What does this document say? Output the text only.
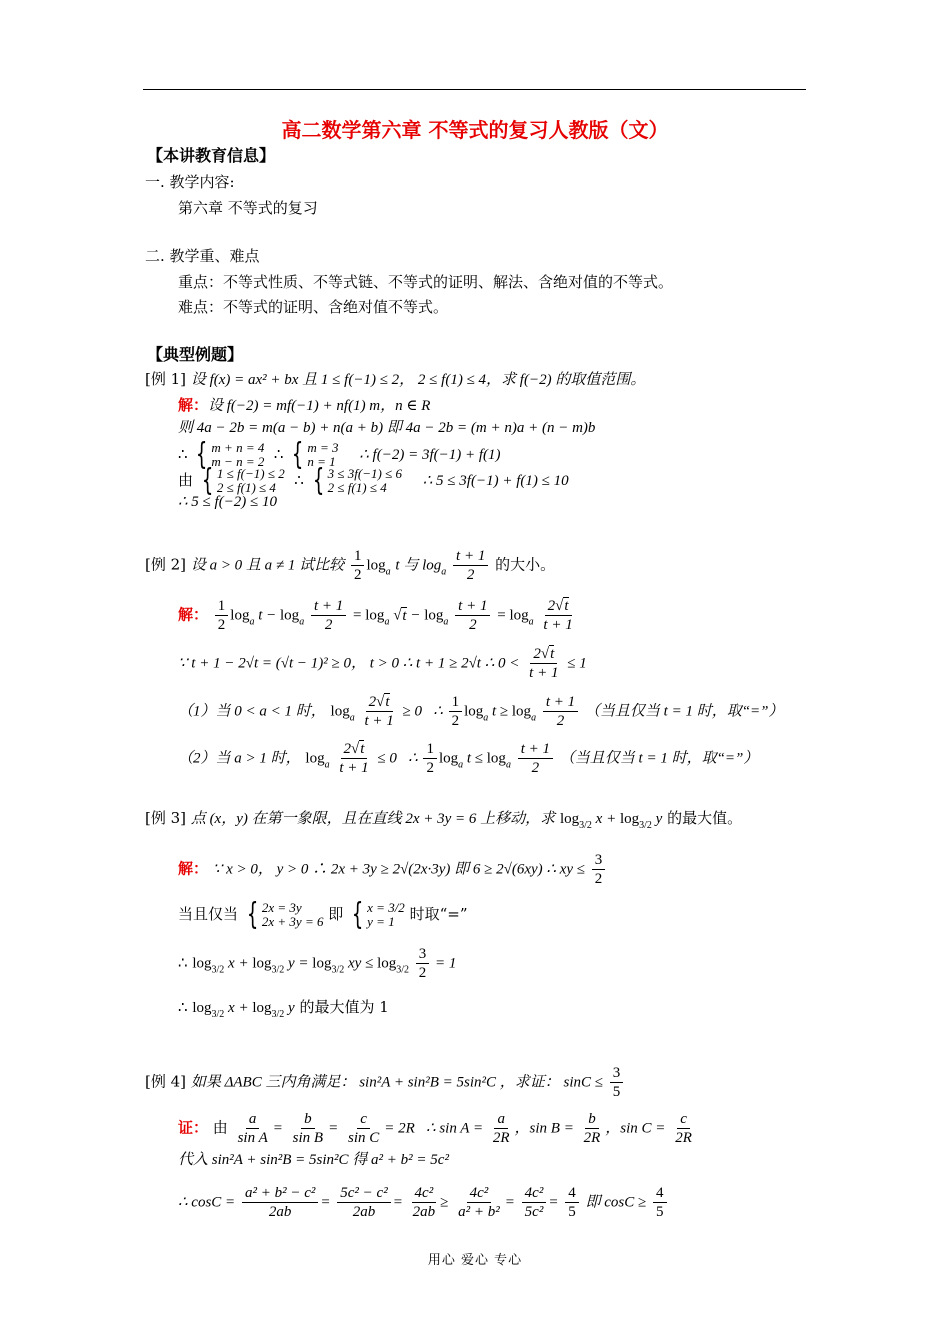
高二数学第六章 不等式的复习人教版（文）
【本讲教育信息】
一. 教学内容:
第六章 不等式的复习
二. 教学重、难点
重点：不等式性质、不等式链、不等式的证明、解法、含绝对值的不等式。
难点：不等式的证明、含绝对值不等式。
【典型例题】
[例 1] 设 f(x) = ax² + bx 且 1 ≤ f(−1) ≤ 2， 2 ≤ f(1) ≤ 4，求 f(−2) 的取值范围。
解：设 f(−2) = mf(−1) + nf(1) m，n ∈ R
则 4a − 2b = m(a − b) + n(a + b) 即 4a − 2b = (m + n)a + (n − m)b
∴ { m + n = 4
m − n = 2 ∴ { m = 3
n = 1 ∴ f(−2) = 3f(−1) + f(1)
由 { 1 ≤ f(−1) ≤ 2
2 ≤ f(1) ≤ 4 ∴ { 3 ≤ 3f(−1) ≤ 6
2 ≤ f(1) ≤ 4	∴ 5 ≤ 3f(−1) + f(1) ≤ 10
∴ 5 ≤ f(−2) ≤ 10
[例 2] 设 a > 0 且 a ≠ 1 试比较 $\frac{1}{2} \log_a t$ 与 $\log_a \frac{t + 1}{2}$ 的大小。
解： $\frac{1}{2} \log_a t - \log_a \frac{t + 1}{2} = \log_a √t - \log_a \frac{t + 1}{2} = \log_a \frac{2√t}{t + 1}$
∵ t + 1 − 2√t = (√t − 1)² ≥ 0， t > 0 ∴ t + 1 ≥ 2√t ∴ $0 < \frac{2√t}{t + 1} \le 1$
（1）当 0 < a < 1 时， $\log_a \frac{2√t}{t + 1} \ge 0$   ∴ $\frac{1}{2} \log_a t \ge \log_a \frac{t + 1}{2}$ （当且仅当 t = 1 时，取“=”）
（2）当 a > 1 时， $\log_a \frac{2√t}{t + 1} \le 0$   ∴ $\frac{1}{2} \log_a t \le \log_a \frac{t + 1}{2}$ （当且仅当 t = 1 时，取“=”）
[例 3] 点 (x，y) 在第一象限，且在直线 2x + 3y = 6 上移动，求 $\log_{3/2} x + \log_{3/2} y$ 的最大值。
解： ∵ x > 0， y > 0 ∴ 2x + 3y ≥ 2√(2x·3y) 即 6 ≥ 2√(6xy) ∴ xy ≤ $\frac{3}{2}$
当且仅当 { 2x = 3y
2x + 3y = 6 即 { x = 3/2
y = 1 时取“=”
∴ $\log_{3/2} x + \log_{3/2} y = \log_{3/2}$ xy ≤ $\log_{3/2} \frac{3}{2} = 1$
∴ $\log_{3/2} x + \log_{3/2} y$ 的最大值为 1
[例 4] 如果 ΔABC 三内角满足： sin²A + sin²B = 5sin²C ，求证： $\sin C \le \frac{3}{5}$
证： 由 $\frac{a}{\text{sin A}} = \frac{b}{\text{sin B}} = \frac{c}{\text{sin C}} = 2R$   ∴ $\sin A = \frac{a}{2R}$ ，$\sin B = \frac{b}{2R}$ ，$\sin C = \frac{c}{2R}$
代入 sin²A + sin²B = 5sin²C 得 a² + b² = 5c²
∴ $\cos C = \frac{\text{a² + b² − c²}}{2ab} = \frac{\text{5c² − c²}}{2ab} = \frac{\text{4c²}}{2ab} \ge \frac{\text{4c²}}{\text{a² + b²}} = \frac{\text{4c²}}{\text{5c²}} = \frac{4}{5}$ 即 $\cos C \ge \frac{4}{5}$
用心 爱心 专心
